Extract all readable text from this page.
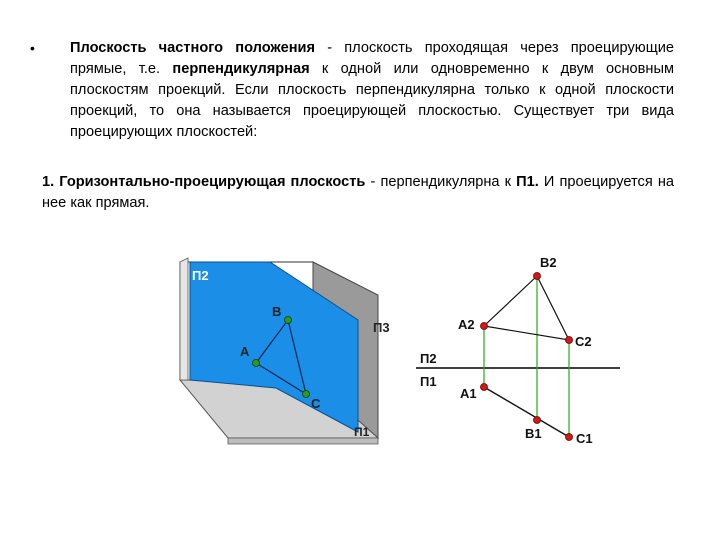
• Плоскость частного положения - плоскость проходящая через проецирующие прямые, т.е. перпендикулярная к одной или одновременно к двум основным плоскостям проекций. Если плоскость перпендикулярна только к одной плоскости проекций, то она называется проецирующей плоскостью. Существует три вида проецирующих плоскостей:
1. Горизонтально-проецирующая плоскость - перпендикулярна к П1. И проецируется на нее как прямая.
П2
П3
П1
B
A
C
B2
A2
C2
П2
П1
A1
B1	C1
